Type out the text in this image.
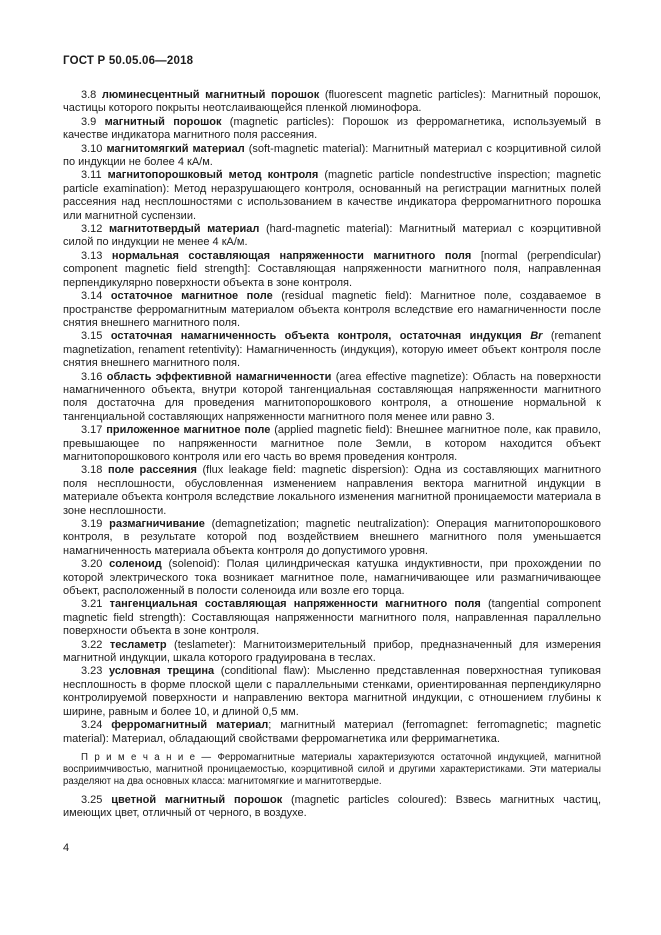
ГОСТ Р 50.05.06—2018

3.8 люминесцентный магнитный порошок (fluorescent magnetic particles): Магнитный порошок, частицы которого покрыты неотслаивающейся пленкой люминофора.

3.9 магнитный порошок (magnetic particles): Порошок из ферромагнетика, используемый в качестве индикатора магнитного поля рассеяния.

3.10 магнитомягкий материал (soft-magnetic material): Магнитный материал с коэрцитивной силой по индукции не более 4 кА/м.

3.11 магнитопорошковый метод контроля (magnetic particle nondestructive inspection; magnetic particle examination): Метод неразрушающего контроля, основанный на регистрации магнитных полей рассеяния над несплошностями с использованием в качестве индикатора ферромагнитного порошка или магнитной суспензии.

3.12 магнитотвердый материал (hard-magnetic material): Магнитный материал с коэрцитивной силой по индукции не менее 4 кА/м.

3.13 нормальная составляющая напряженности магнитного поля [normal (perpendicular) component magnetic field strength]: Составляющая напряженности магнитного поля, направленная перпендикулярно поверхности объекта в зоне контроля.

3.14 остаточное магнитное поле (residual magnetic field): Магнитное поле, создаваемое в пространстве ферромагнитным материалом объекта контроля вследствие его намагниченности после снятия внешнего магнитного поля.

3.15 остаточная намагниченность объекта контроля, остаточная индукция Br (remanent magnetization, renament retentivity): Намагниченность (индукция), которую имеет объект контроля после снятия внешнего магнитного поля.

3.16 область эффективной намагниченности (area effective magnetize): Область на поверхности намагниченного объекта, внутри которой тангенциальная составляющая напряженности магнитного поля достаточна для проведения магнитопорошкового контроля, а отношение нормальной к тангенциальной составляющих напряженности магнитного поля менее или равно 3.

3.17 приложенное магнитное поле (applied magnetic field): Внешнее магнитное поле, как правило, превышающее по напряженности магнитное поле Земли, в котором находится объект магнитопорошкового контроля или его часть во время проведения контроля.

3.18 поле рассеяния (flux leakage field: magnetic dispersion): Одна из составляющих магнитного поля несплошности, обусловленная изменением направления вектора магнитной индукции в материале объекта контроля вследствие локального изменения магнитной проницаемости материала в зоне несплошности.

3.19 размагничивание (demagnetization; magnetic neutralization): Операция магнитопорошкового контроля, в результате которой под воздействием внешнего магнитного поля уменьшается намагниченность материала объекта контроля до допустимого уровня.

3.20 соленоид (solenoid): Полая цилиндрическая катушка индуктивности, при прохождении по которой электрического тока возникает магнитное поле, намагничивающее или размагничивающее объект, расположенный в полости соленоида или возле его торца.

3.21 тангенциальная составляющая напряженности магнитного поля (tangential component magnetic field strength): Составляющая напряженности магнитного поля, направленная параллельно поверхности объекта в зоне контроля.

3.22 тесламетр (teslameter): Магнитоизмерительный прибор, предназначенный для измерения магнитной индукции, шкала которого градуирована в теслах.

3.23 условная трещина (conditional flaw): Мысленно представленная поверхностная тупиковая несплошность в форме плоской щели с параллельными стенками, ориентированная перпендикулярно контролируемой поверхности и направлению вектора магнитной индукции, с отношением глубины к ширине, равным и более 10, и длиной 0,5 мм.

3.24 ферромагнитный материал; магнитный материал (ferromagnet: ferromagnetic; magnetic material): Материал, обладающий свойствами ферромагнетика или ферримагнетика.

П р и м е ч а н и е — Ферромагнитные материалы характеризуются остаточной индукцией, магнитной восприимчивостью, магнитной проницаемостью, коэрцитивной силой и другими характеристиками. Эти материалы разделяют на два основных класса: магнитомягкие и магнитотвердые.

3.25 цветной магнитный порошок (magnetic particles coloured): Взвесь магнитных частиц, имеющих цвет, отличный от черного, в воздухе.

4
